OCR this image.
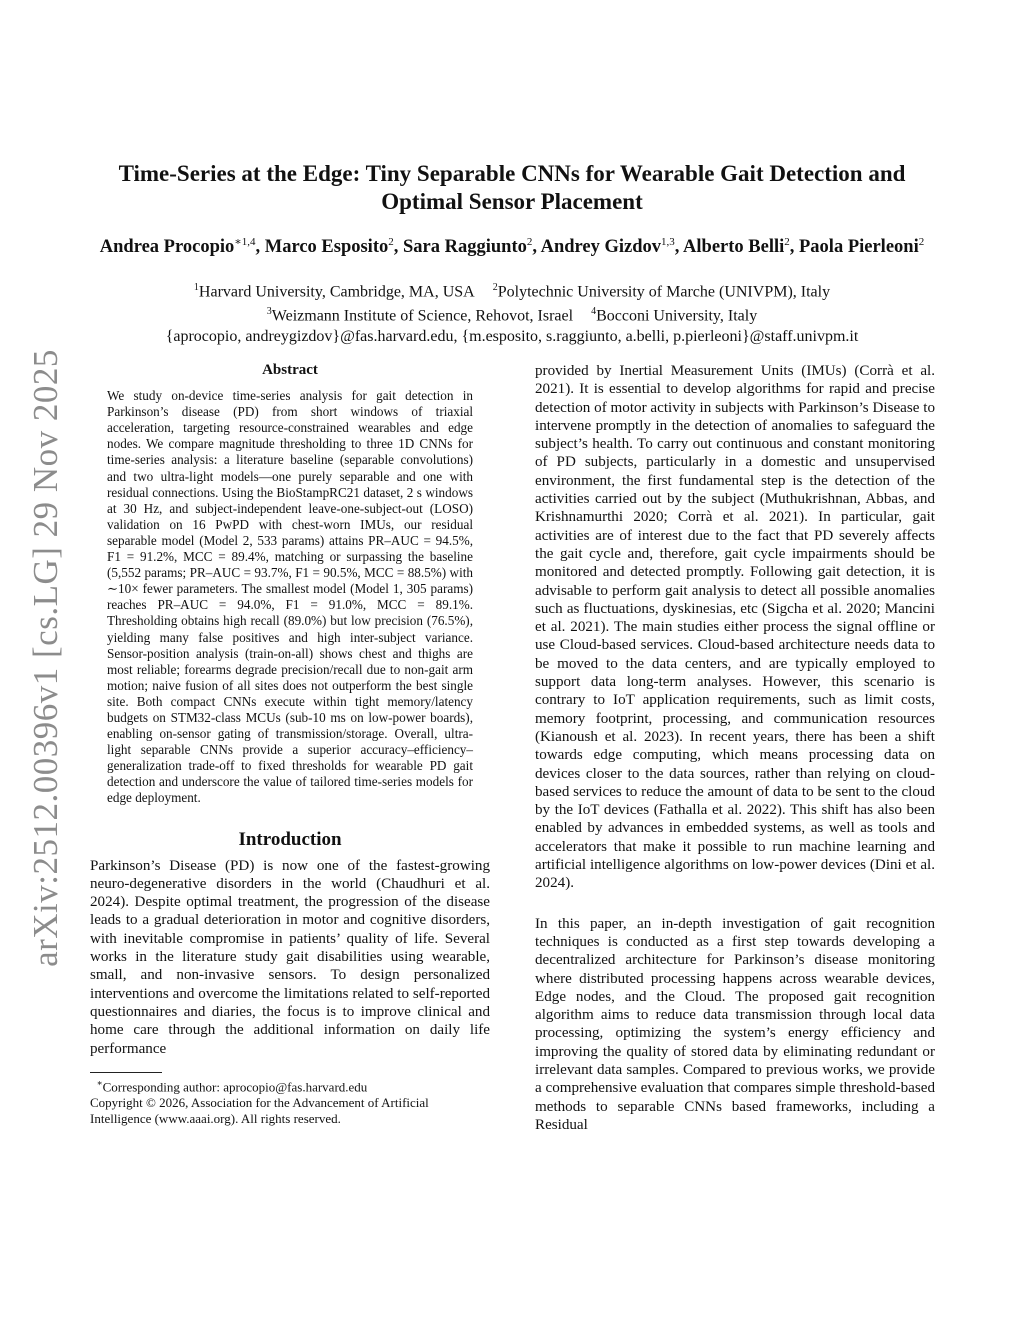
arXiv:2512.00396v1 [cs.LG] 29 Nov 2025
Time-Series at the Edge: Tiny Separable CNNs for Wearable Gait Detection and Optimal Sensor Placement
Andrea Procopio$^{∗1,4}$, Marco Esposito$^2$, Sara Raggiunto$^2$, Andrey Gizdov$^{1,3}$, Alberto Belli$^2$, Paola Pierleoni$^2$
$^1$Harvard University, Cambridge, MA, USA $^2$Polytechnic University of Marche (UNIVPM), Italy
$^3$Weizmann Institute of Science, Rehovot, Israel $^4$Bocconi University, Italy
{aprocopio, andreygizdov}@fas.harvard.edu, {m.esposito, s.raggiunto, a.belli, p.pierleoni}@staff.univpm.it
Abstract
We study on-device time-series analysis for gait detection in Parkinson’s disease (PD) from short windows of triaxial acceleration, targeting resource-constrained wearables and edge nodes. We compare magnitude thresholding to three 1D CNNs for time-series analysis: a literature baseline (separable convolutions) and two ultra-light models—one purely separable and one with residual connections. Using the BioStampRC21 dataset, 2 s windows at 30 Hz, and subject-independent leave-one-subject-out (LOSO) validation on 16 PwPD with chest-worn IMUs, our residual separable model (Model 2, 533 params) attains PR–AUC = 94.5%, F1 = 91.2%, MCC = 89.4%, matching or surpassing the baseline (5,552 params; PR–AUC = 93.7%, F1 = 90.5%, MCC = 88.5%) with ∼10× fewer parameters. The smallest model (Model 1, 305 params) reaches PR–AUC = 94.0%, F1 = 91.0%, MCC = 89.1%. Thresholding obtains high recall (89.0%) but low precision (76.5%), yielding many false positives and high inter-subject variance. Sensor-position analysis (train-on-all) shows chest and thighs are most reliable; forearms degrade precision/recall due to non-gait arm motion; naive fusion of all sites does not outperform the best single site. Both compact CNNs execute within tight memory/latency budgets on STM32-class MCUs (sub-10 ms on low-power boards), enabling on-sensor gating of transmission/storage. Overall, ultra-light separable CNNs provide a superior accuracy–efficiency–generalization trade-off to fixed thresholds for wearable PD gait detection and underscore the value of tailored time-series models for edge deployment.
Introduction

Parkinson’s Disease (PD) is now one of the fastest-growing neuro-degenerative disorders in the world (Chaudhuri et al. 2024). Despite optimal treatment, the progression of the disease leads to a gradual deterioration in motor and cognitive disorders, with inevitable compromise in patients’ quality of life. Several works in the literature study gait disabilities using wearable, small, and non-invasive sensors. To design personalized interventions and overcome the limitations related to self-reported questionnaires and diaries, the focus is to improve clinical and home care through the additional information on daily life performance

∗Corresponding author: aprocopio@fas.harvard.edu
Copyright © 2026, Association for the Advancement of Artificial Intelligence (www.aaai.org). All rights reserved.

provided by Inertial Measurement Units (IMUs) (Corrà et al. 2021). It is essential to develop algorithms for rapid and precise detection of motor activity in subjects with Parkinson’s Disease to intervene promptly in the detection of anomalies to safeguard the subject’s health. To carry out continuous and constant monitoring of PD subjects, particularly in a domestic and unsupervised environment, the first fundamental step is the detection of the activities carried out by the subject (Muthukrishnan, Abbas, and Krishnamurthi 2020; Corrà et al. 2021). In particular, gait activities are of interest due to the fact that PD severely affects the gait cycle and, therefore, gait cycle impairments should be monitored and detected promptly. Following gait detection, it is advisable to perform gait analysis to detect all possible anomalies such as fluctuations, dyskinesias, etc (Sigcha et al. 2020; Mancini et al. 2021). The main studies either process the signal offline or use Cloud-based services. Cloud-based architecture needs data to be moved to the data centers, and are typically employed to support data long-term analyses. However, this scenario is contrary to IoT application requirements, such as limit costs, memory footprint, processing, and communication resources (Kianoush et al. 2023). In recent years, there has been a shift towards edge computing, which means processing data on devices closer to the data sources, rather than relying on cloud-based services to reduce the amount of data to be sent to the cloud by the IoT devices (Fathalla et al. 2022). This shift has also been enabled by advances in embedded systems, as well as tools and accelerators that make it possible to run machine learning and artificial intelligence algorithms on low-power devices (Dini et al. 2024).

In this paper, an in-depth investigation of gait recognition techniques is conducted as a first step towards developing a decentralized architecture for Parkinson’s disease monitoring where distributed processing happens across wearable devices, Edge nodes, and the Cloud. The proposed gait recognition algorithm aims to reduce data transmission through local data processing, optimizing the system’s energy efficiency and improving the quality of stored data by eliminating redundant or irrelevant data samples. Compared to previous works, we provide a comprehensive evaluation that compares simple threshold-based methods to separable CNNs based frameworks, including a Residual
